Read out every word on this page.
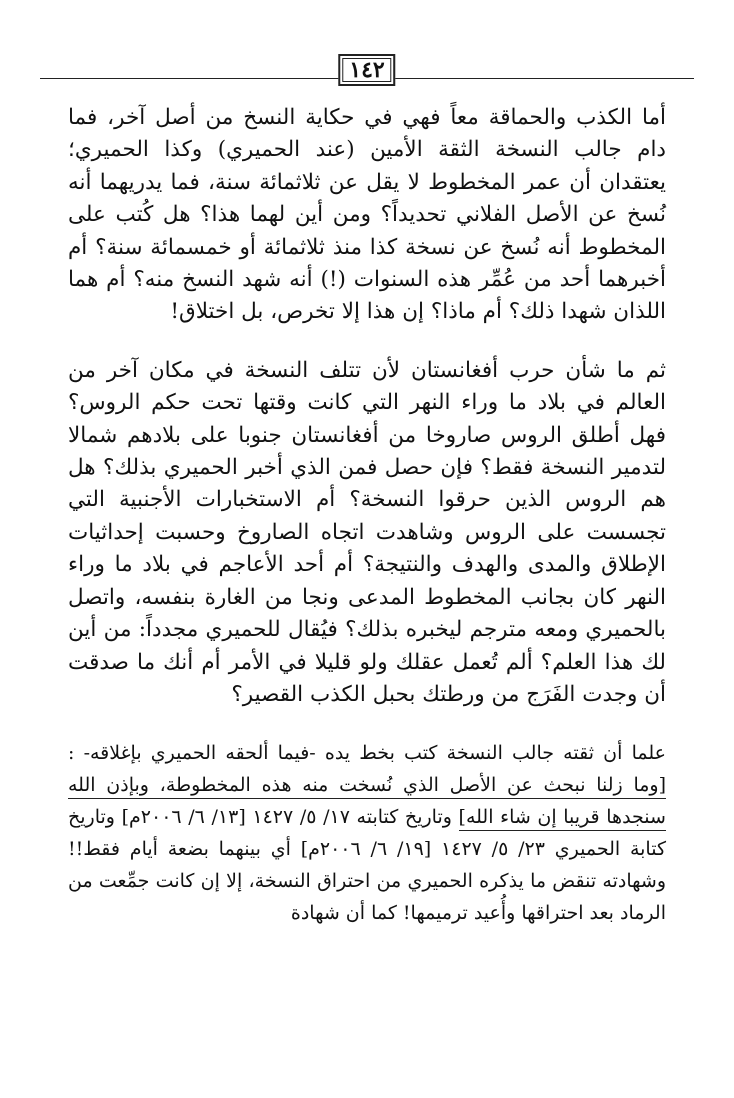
١٤٢

أما الكذب والحماقة معاً فهي في حكاية النسخ من أصل آخر، فما دام جالب النسخة الثقة الأمين (عند الحميري) وكذا الحميري؛ يعتقدان أن عمر المخطوط لا يقل عن ثلاثمائة سنة، فما يدريهما أنه نُسخ عن الأصل الفلاني تحديداً؟ ومن أين لهما هذا؟ هل كُتب على المخطوط أنه نُسخ عن نسخة كذا منذ ثلاثمائة أو خمسمائة سنة؟ أم أخبرهما أحد من عُمِّر هذه السنوات (!) أنه شهد النسخ منه؟ أم هما اللذان شهدا ذلك؟ أم ماذا؟ إن هذا إلا تخرص، بل اختلاق!

ثم ما شأن حرب أفغانستان لأن تتلف النسخة في مكان آخر من العالم في بلاد ما وراء النهر التي كانت وقتها تحت حكم الروس؟ فهل أطلق الروس صاروخا من أفغانستان جنوبا على بلادهم شمالا لتدمير النسخة فقط؟ فإن حصل فمن الذي أخبر الحميري بذلك؟ هل هم الروس الذين حرقوا النسخة؟ أم الاستخبارات الأجنبية التي تجسست على الروس وشاهدت اتجاه الصاروخ وحسبت إحداثيات الإطلاق والمدى والهدف والنتيجة؟ أم أحد الأعاجم في بلاد ما وراء النهر كان بجانب المخطوط المدعى ونجا من الغارة بنفسه، واتصل بالحميري ومعه مترجم ليخبره بذلك؟ فيُقال للحميري مجدداً: من أين لك هذا العلم؟ ألم تُعمل عقلك ولو قليلا في الأمر أم أنك ما صدقت أن وجدت الفَرَج من ورطتك بحبل الكذب القصير؟

علما أن ثقته جالب النسخة كتب بخط يده -فيما ألحقه الحميري بإغلاقه- : [وما زلنا نبحث عن الأصل الذي نُسخت منه هذه المخطوطة، وبإذن الله سنجدها قريبا إن شاء الله] وتاريخ كتابته ١٧/ ٥/ ١٤٢٧ [١٣/ ٦/ ٢٠٠٦م] وتاريخ كتابة الحميري ٢٣/ ٥/ ١٤٢٧ [١٩/ ٦/ ٢٠٠٦م] أي بينهما بضعة أيام فقط!! وشهادته تنقض ما يذكره الحميري من احتراق النسخة، إلا إن كانت جمِّعت من الرماد بعد احتراقها وأُعيد ترميمها! كما أن شهادة
